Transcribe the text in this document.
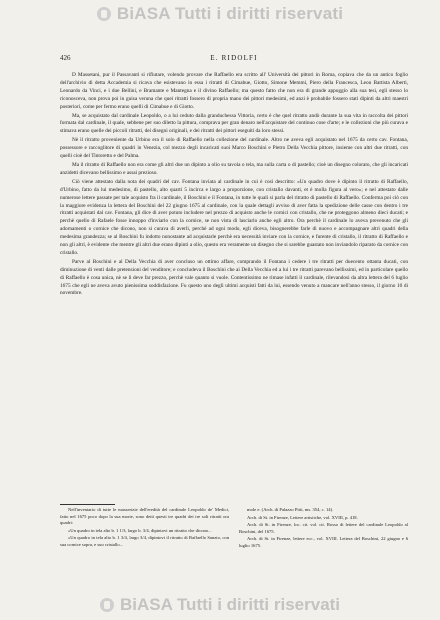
BiASA Tutti i diritti riservati
426	E. RIDOLFI

D Massetani, pur il Passavanti si rifiutare, volendo provare che Raffaello era scritto all' Università dei pittori in Roma, copiava che da un antico foglio dell'archivio di detta Accademia si ricava che esistevano in essa i ritratti di Cimabue, Giotto, Simone Memmi, Piero della Francesca, Leon Battista Alberti, Leonardo da Vinci, e i due Bellini, e Bramante e Mantegna e il divino Raffaello; ma questo fatto che non era di grande appoggio alla sua tesi, egli stesso lo riconosceva, non prova poi in guisa veruna che quei ritratti fossero di propria mano dei pittori medesimi, ed anzi è probabile fossero stati dipinti da altri maestri posteriori, come per fermo erano quelli di Cimabue e di Giotto.

Ma, se acquistato dal cardinale Leopoldo, o a lui ceduto dalla granduchessa Vittoria, certo è che quel ritratto andò durante la sua vita in raccolta dei pittori formata dal cardinale, il quale, sebbene per suo diletto la pittura, comprava per gran denaro nell'acquistare del continuo cose d'arte; e le collezioni che più curava e stimava erano quelle dei piccoli ritratti, dei disegni originali, e dei ritratti dei pittori eseguiti da loro stessi.

Nè il ritratto proveniente da Urbino era il solo di Raffaello nella collezione del cardinale. Altro ne aveva egli acquistato nel 1675 da certo cav. Fontana, possessore e raccoglitore di quadri in Venezia, col mezzo degli incaricati suoi Marco Boschini e Pietro Della Vecchia pittore, insieme con altri due ritratti, con quelli cioè del Tintoretto e del Palma.

Ma il ritratto di Raffaello non era come gli altri due un dipinto a olio su tavola o tela, ma sulla carta o di pastello; cioè un disegno colorato, che gli incaricati anzidetti dicevano bellissimo e assai prezioso.

Ciò viene attestato dalla nota dei quadri del cav. Fontana inviata al cardinale in cui è così descritto: «Un quadro dove è dipinto il ritratto di Raffaello, d'Urbino, fatto da lui medesimo, di pastello, alto quarti 5 incirca e largo a proporzione, con cristallo davanti, et è molla figura al vero»; e nel attestato dalle numerose lettere passate per tale acquisto fra il cardinale, il Boschini e il Fontana, in tutte le quali si parla del ritratto di pastello di Raffaello. Conferma poi ciò con la maggiore evidenza la lettera del Boschini del 22 giugno 1675 al cardinale, con la quale dettagli avviso di aver fatta la spedizione delle casse con dentro i tre ritratti acquistati dal cav. Fontana, gli dice di aver potuto includere nel prezzo di acquisto anche le cornici con cristallo, che ne proteggono almeno dieci ducati; e perchè quello di Rafaele fosse innoppo d'inviarlo con la cornice, se non vista di lasciarlo anche egli altro. Ora perchè il cardinale lo aveva prevenuto che gli adornamenti o cornice che dicono, non si curava di averli, perchè ad ogni modo, egli diceva, bisognerebbe farle di nuovo e accompagnare altri quadri della medesima grandezza; se al Boschini fu indotto nonostante ad acquistarle perchè era necessità inviare con la cornice, e furente di cristallo, il ritratto di Raffaello e non gli altri, è evidente che mentre gli altri due erano dipinti a olio, questo era veramente un disegno che si sarebbe guastato non inviandolo riparato da cornice con cristallo.

Parve al Boschini e al Della Vecchia di aver concluso un ottimo affare, comprando il Fontana i cedere i tre ritratti per duecento ottanta ducati, con diminuzione di venti dalle pretensioni del venditore; e concludeva il Boschini che ai Della Vecchia ed a lui i tre ritratti parevano bellissimi, ed in particolare quello di Raffaello è cosa unica, nè se li deve far prezzo, perchè vale quanto si vuole. Contentissimo ne rimase infatti il cardinale, rilevandosi da altra lettera del 6 luglio 1675 che egli ne aveva avuto pienissima soddisfazione. Fu questo uno degli ultimi acquisti fatti da lui, essendo venuto a mancare nell'anno stesso, il giorno 10 di novembre.

Nell'inventario di tutte le masserizie dell'eredità del cardinale Leopoldo de' Medici, fatto nel 1675 poco dopo la sua morte, sono detti questi tre quadri dei tre soli ritratti ora quadri:

«Un quadro in tela alto b. 1 1/3, largo b. 3/4, dipintovi un ritratto che dicono...

«Un quadro in tela alto b. 1 3/4, largo 3/4, dipintovi il ritratto di Raffaello Sanzio, con sua cornice sopra, e suo cristallo...

mole e. (Arch. di Palazzo Pitti, ms. 354, c. 14).

Arch. di St. in Firenze, Lettere artistiche, vol. XVIII, p. 418.

Arch. di St. in Firenze, loc. cit. vol. cit. Rosso di lettere del cardinale Leopoldo al Boschini, del 1675.

Arch. di St. in Firenze, lettere ecc., vol. XVIII. Lettera del Boschini, 22 giugno e 6 luglio 1675.

BiASA Tutti i diritti riservati
